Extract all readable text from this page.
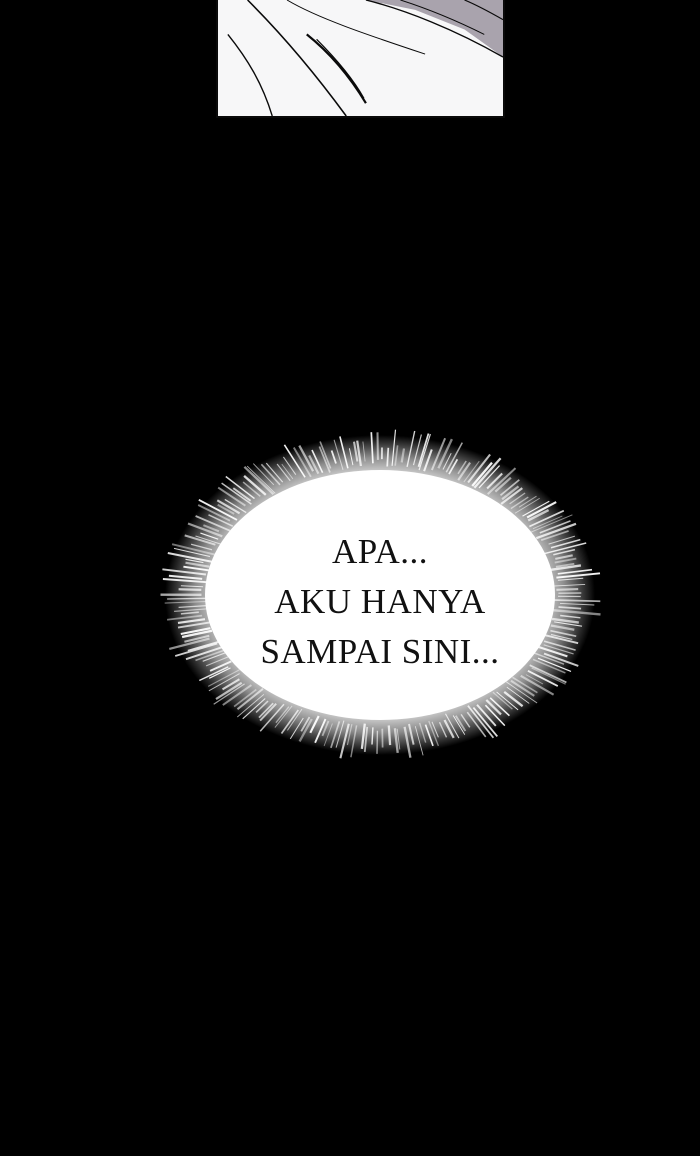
APA...
AKU HANYA
SAMPAI SINI...
